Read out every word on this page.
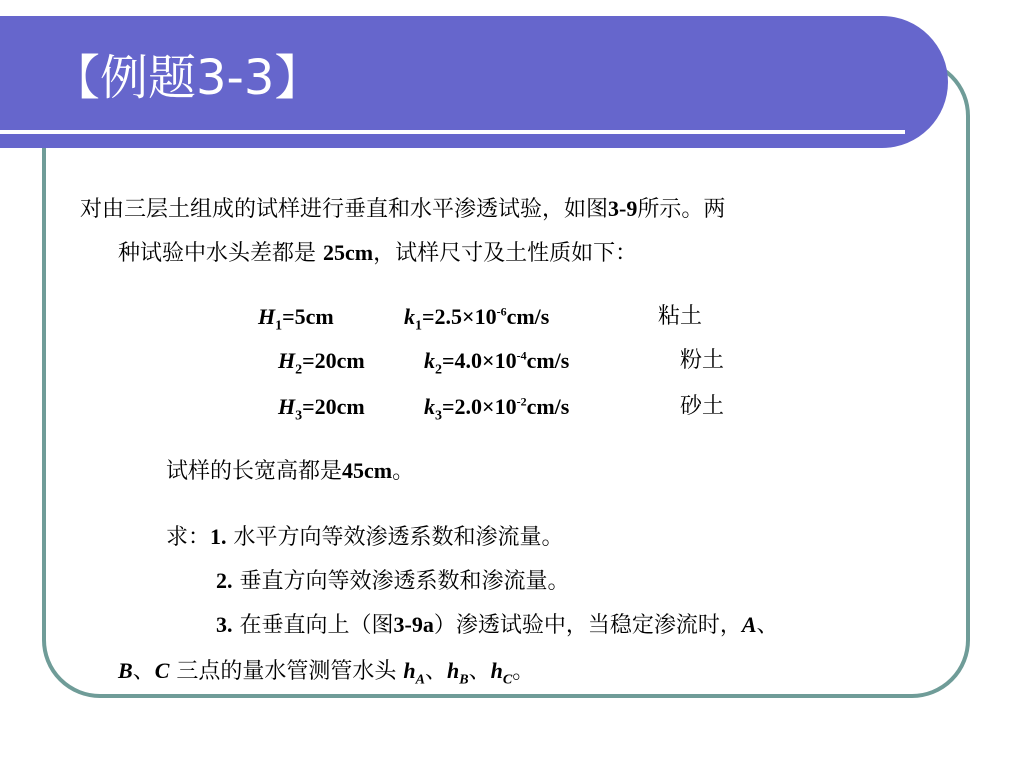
【例题3-3】
对由三层土组成的试样进行垂直和水平渗透试验，如图3-9所示。两
种试验中水头差都是 25cm，试样尺寸及土性质如下：
$H_1=5cm$	$k_1=2.5\times 10^{-6}cm/s$	粘土
$H_2=20cm$	$k_2=4.0\times 10^{-4}cm/s$	粉土
$H_3=20cm$	$k_3=2.0\times 10^{-2}cm/s$	砂土
试样的长宽高都是45cm。
求：1. 水平方向等效渗透系数和渗流量。
2. 垂直方向等效渗透系数和渗流量。
3. 在垂直向上（图3-9a）渗透试验中，当稳定渗流时，A、
B、C 三点的量水管测管水头 $h_A$、$h_B$、$h_C$。
